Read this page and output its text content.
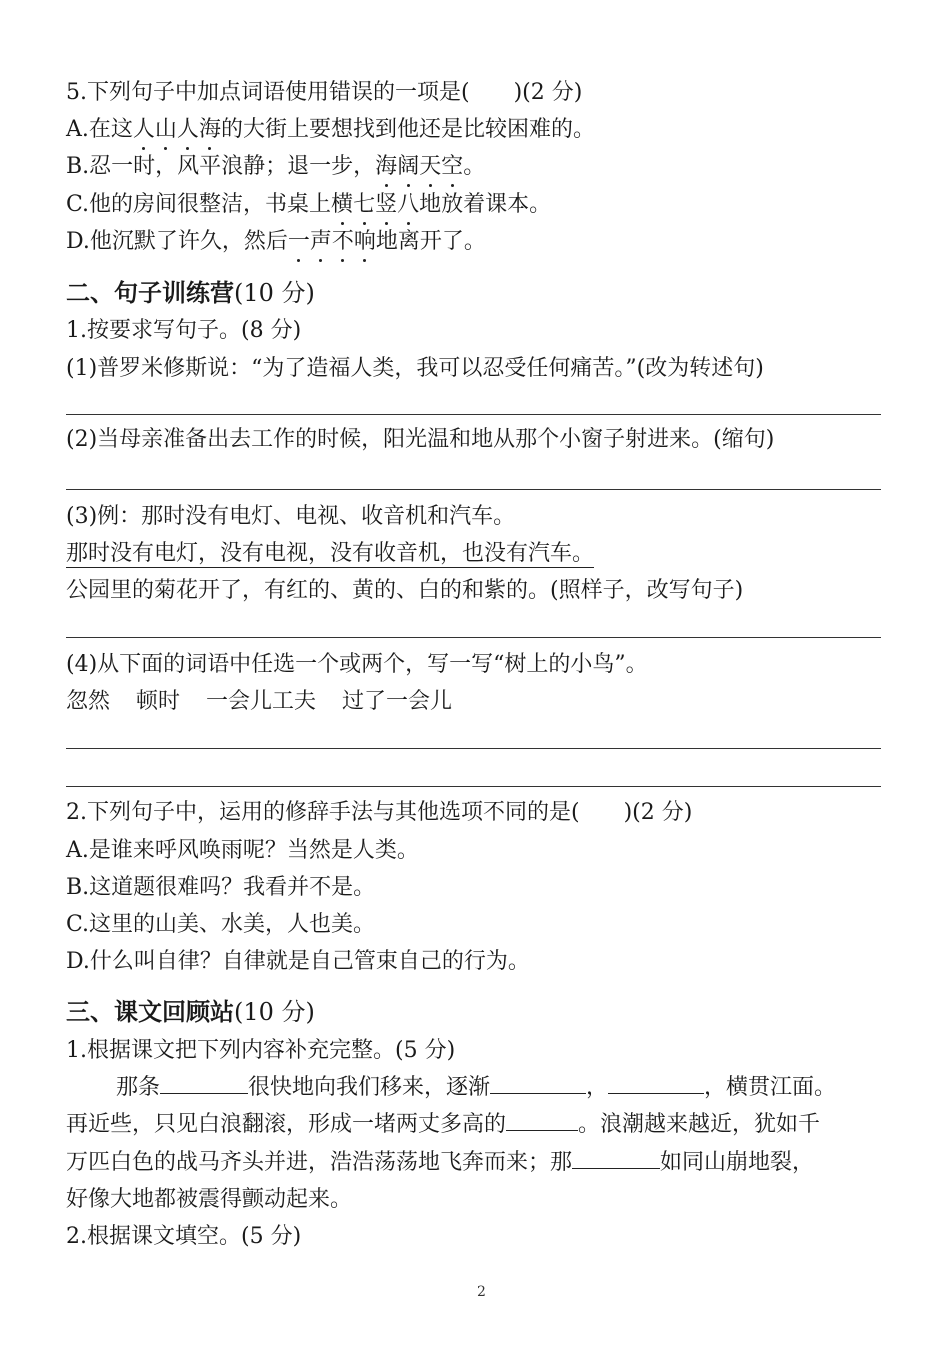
5.下列句子中加点词语使用错误的一项是(　　)(2 分)
A.在这人山人海的大街上要想找到他还是比较困难的。
B.忍一时，风平浪静；退一步，海阔天空。
C.他的房间很整洁，书桌上横七竖八地放着课本。
D.他沉默了许久，然后一声不响地离开了。
二、句子训练营(10 分)
1.按要求写句子。(8 分)
(1)普罗米修斯说：“为了造福人类，我可以忍受任何痛苦。”(改为转述句)
(2)当母亲准备出去工作的时候，阳光温和地从那个小窗子射进来。(缩句)
(3)例：那时没有电灯、电视、收音机和汽车。
那时没有电灯，没有电视，没有收音机，也没有汽车。
公园里的菊花开了，有红的、黄的、白的和紫的。(照样子，改写句子)
(4)从下面的词语中任选一个或两个，写一写“树上的小鸟”。
忽然 顿时 一会儿工夫 过了一会儿
2.下列句子中，运用的修辞手法与其他选项不同的是(　　)(2 分)
A.是谁来呼风唤雨呢？当然是人类。
B.这道题很难吗？我看并不是。
C.这里的山美、水美，人也美。
D.什么叫自律？自律就是自己管束自己的行为。
三、课文回顾站(10 分)
1.根据课文把下列内容补充完整。(5 分)
那条	很快地向我们移来，逐渐	，	，横贯江面。
再近些，只见白浪翻滚，形成一堵两丈多高的	。浪潮越来越近，犹如千
万匹白色的战马齐头并进，浩浩荡荡地飞奔而来；那	如同山崩地裂，
好像大地都被震得颤动起来。
2.根据课文填空。(5 分)
2
